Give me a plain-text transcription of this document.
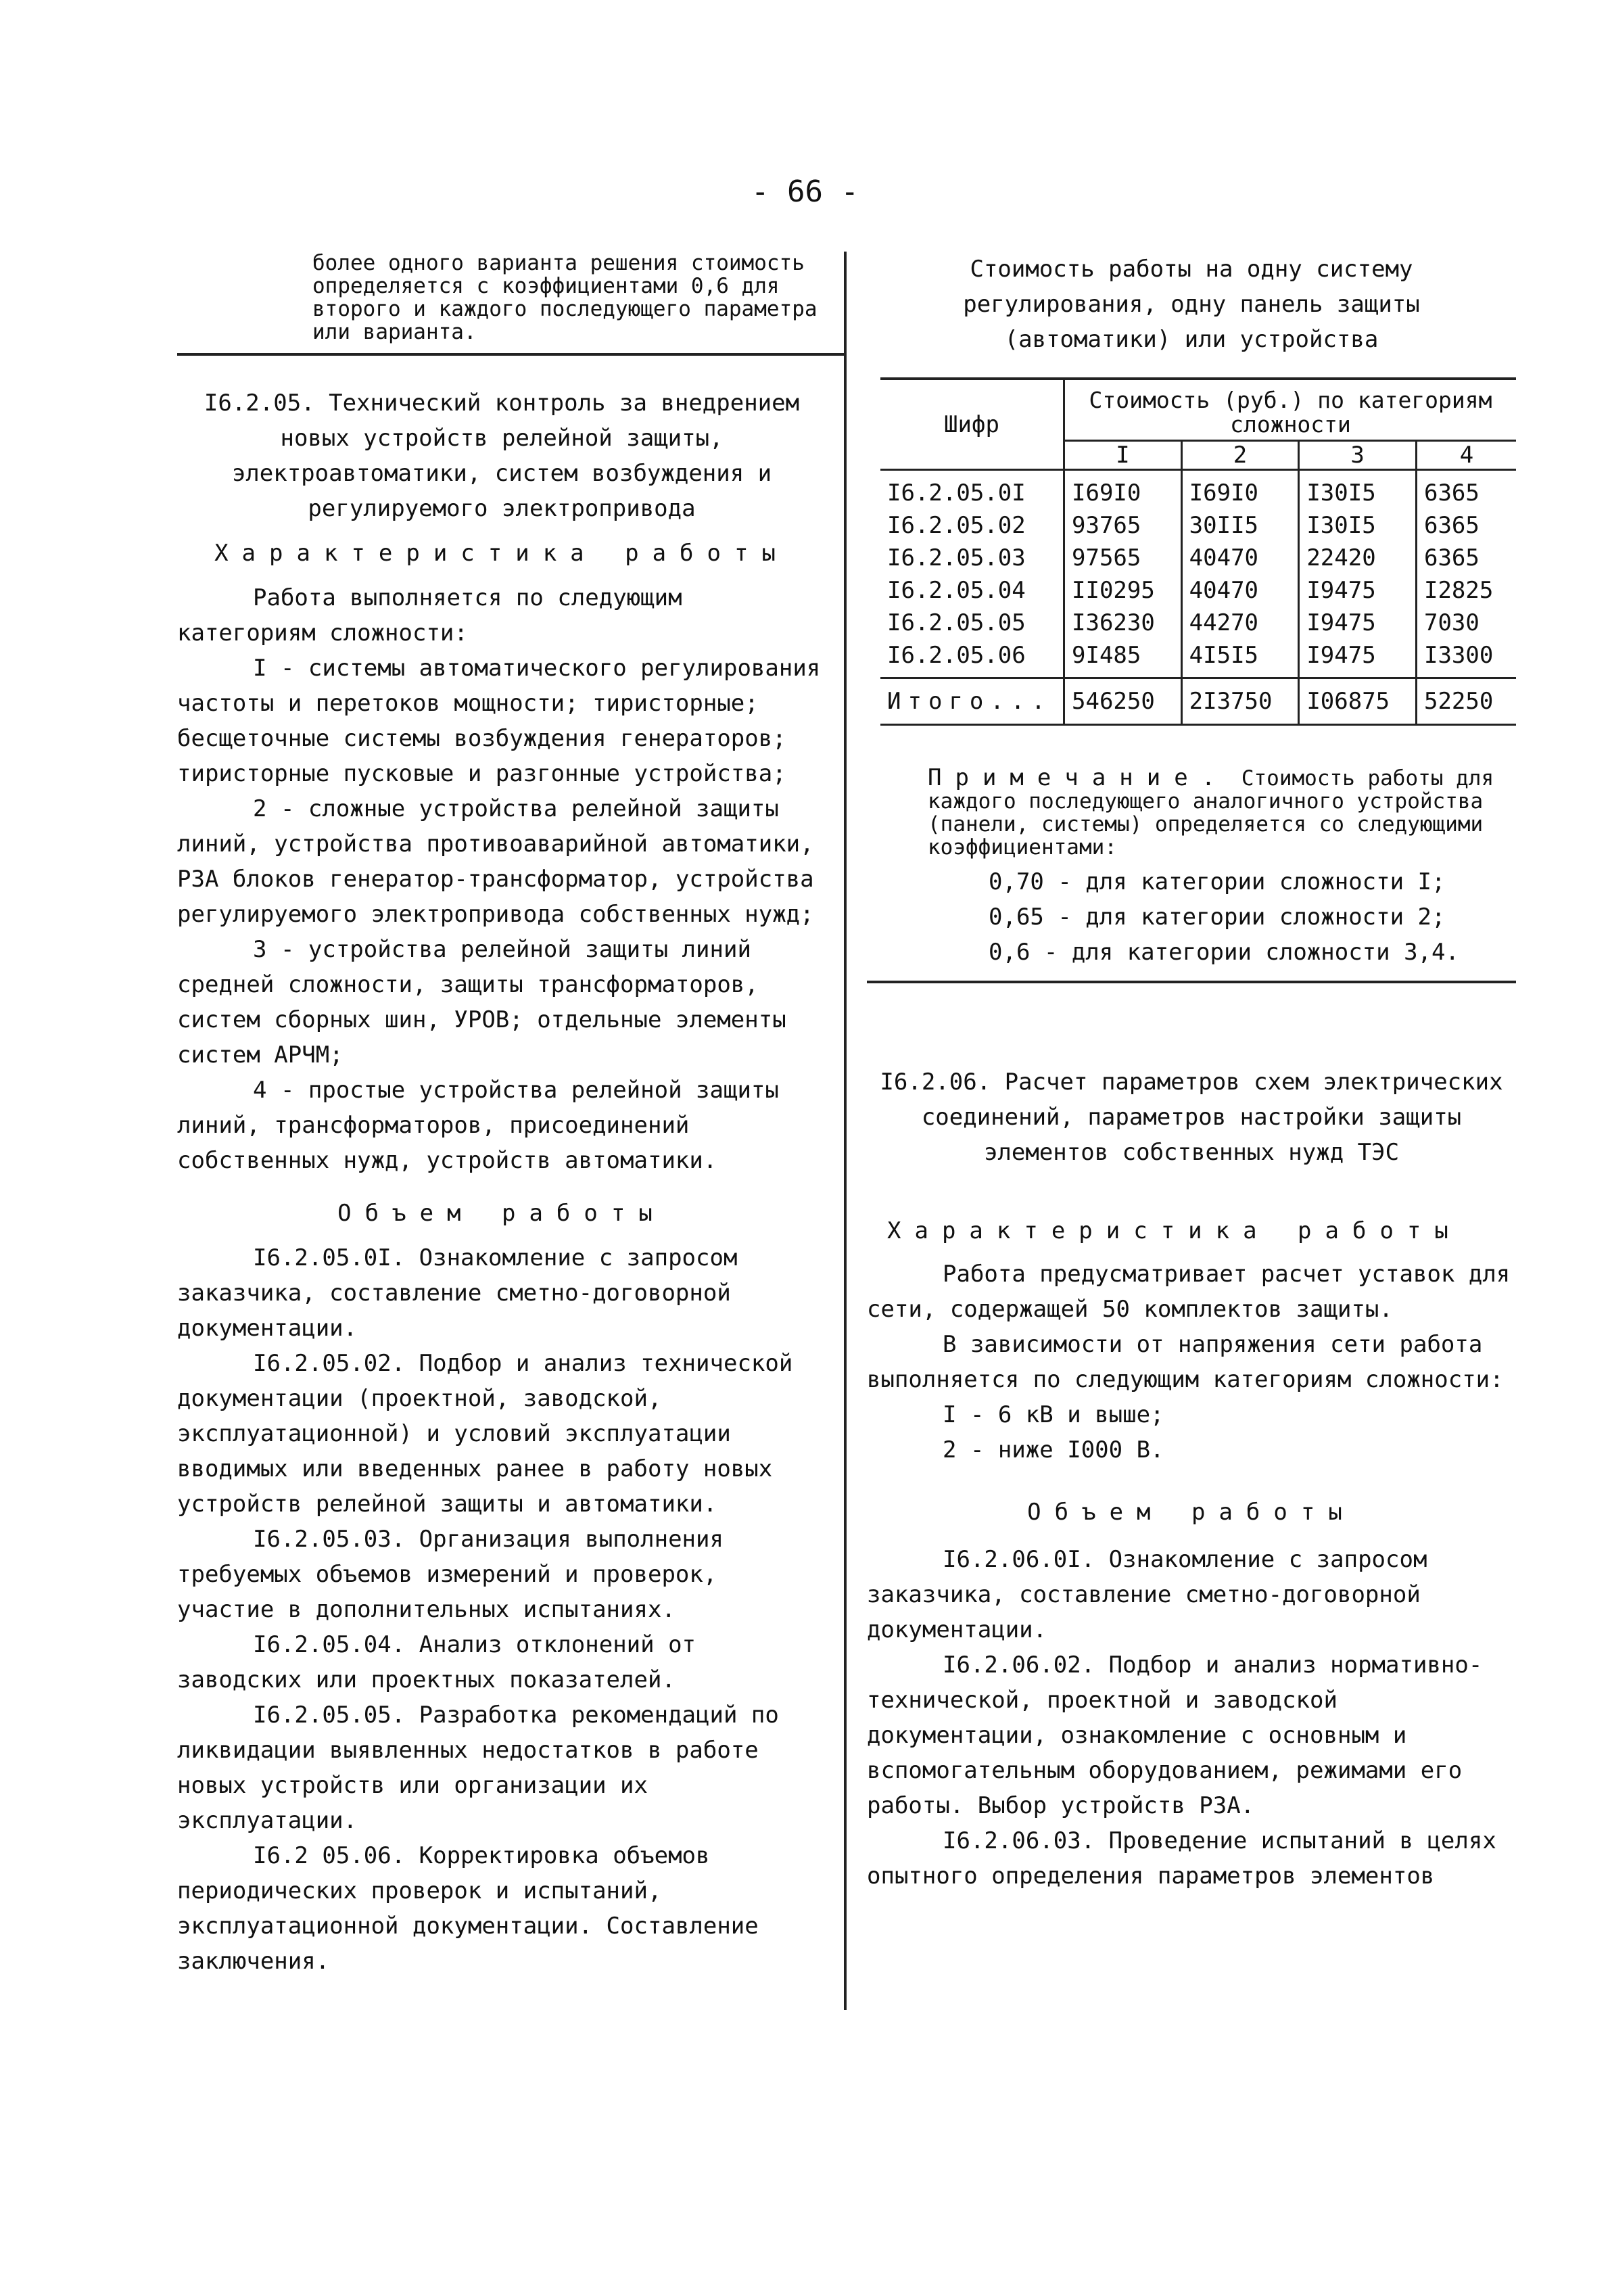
- 66 -

более одного варианта решения стоимость определяется с коэффициентами 0,6 для второго и каждого последующего параметра или варианта.

I6.2.05. Технический контроль за внедрением новых устройств релейной защиты, электроавтоматики, систем возбуждения и регулируемого электропривода

Характеристика работы

Работа выполняется по следующим категориям сложности:

I - системы автоматического регулирования частоты и перетоков мощности; тиристорные; бесщеточные системы возбуждения генераторов; тиристорные пусковые и разгонные устройства;

2 - сложные устройства релейной защиты линий, устройства противоаварийной автоматики, РЗА блоков генератор-трансформатор, устройства регулируемого электропривода собственных нужд;

3 - устройства релейной защиты линий средней сложности, защиты трансформаторов, систем сборных шин, УРОВ; отдельные элементы систем АРЧМ;

4 - простые устройства релейной защиты линий, трансформаторов, присоединений собственных нужд, устройств автоматики.

Объем работы

I6.2.05.0I. Ознакомление с запросом заказчика, составление сметно-договорной документации.

I6.2.05.02. Подбор и анализ технической документации (проектной, заводской, эксплуатационной) и условий эксплуатации вводимых или введенных ранее в работу новых устройств релейной защиты и автоматики.

I6.2.05.03. Организация выполнения требуемых объемов измерений и проверок, участие в дополнительных испытаниях.

I6.2.05.04. Анализ отклонений от заводских или проектных показателей.

I6.2.05.05. Разработка рекомендаций по ликвидации выявленных недостатков в работе новых устройств или организации их эксплуатации.

I6.2 05.06. Корректировка объемов периодических проверок и испытаний, эксплуатационной документации. Составление заключения.

Стоимость работы на одну систему регулирования, одну панель защиты (автоматики) или устройства

Шифр	Стоимость (руб.) по категориям сложности			
	I	2	3	4

I6.2.05.0I	I69I0	I69I0	I30I5	6365
I6.2.05.02	93765	30II5	I30I5	6365
I6.2.05.03	97565	40470	22420	6365
I6.2.05.04	II0295	40470	I9475	I2825
I6.2.05.05	I36230	44270	I9475	7030
I6.2.05.06	9I485	4I5I5	I9475	I3300

Итого...	546250	2I3750	I06875	52250

Примечание. Стоимость работы для каждого последующего аналогичного устройства (панели, системы) определяется со следующими коэффициентами:

0,70 - для категории сложности I;

0,65 - для категории сложности 2;

0,6 - для категории сложности 3,4.

I6.2.06. Расчет параметров схем электрических соединений, параметров настройки защиты элементов собственных нужд ТЭС

Характеристика работы

Работа предусматривает расчет уставок для сети, содержащей 50 комплектов защиты.

В зависимости от напряжения сети работа выполняется по следующим категориям сложности:

I - 6 кВ и выше;

2 - ниже I000 В.

Объем работы

I6.2.06.0I. Ознакомление с запросом заказчика, составление сметно-договорной документации.

I6.2.06.02. Подбор и анализ нормативно-технической, проектной и заводской документации, ознакомление с основным и вспомогательным оборудованием, режимами его работы. Выбор устройств РЗА.

I6.2.06.03. Проведение испытаний в целях опытного определения параметров элементов
